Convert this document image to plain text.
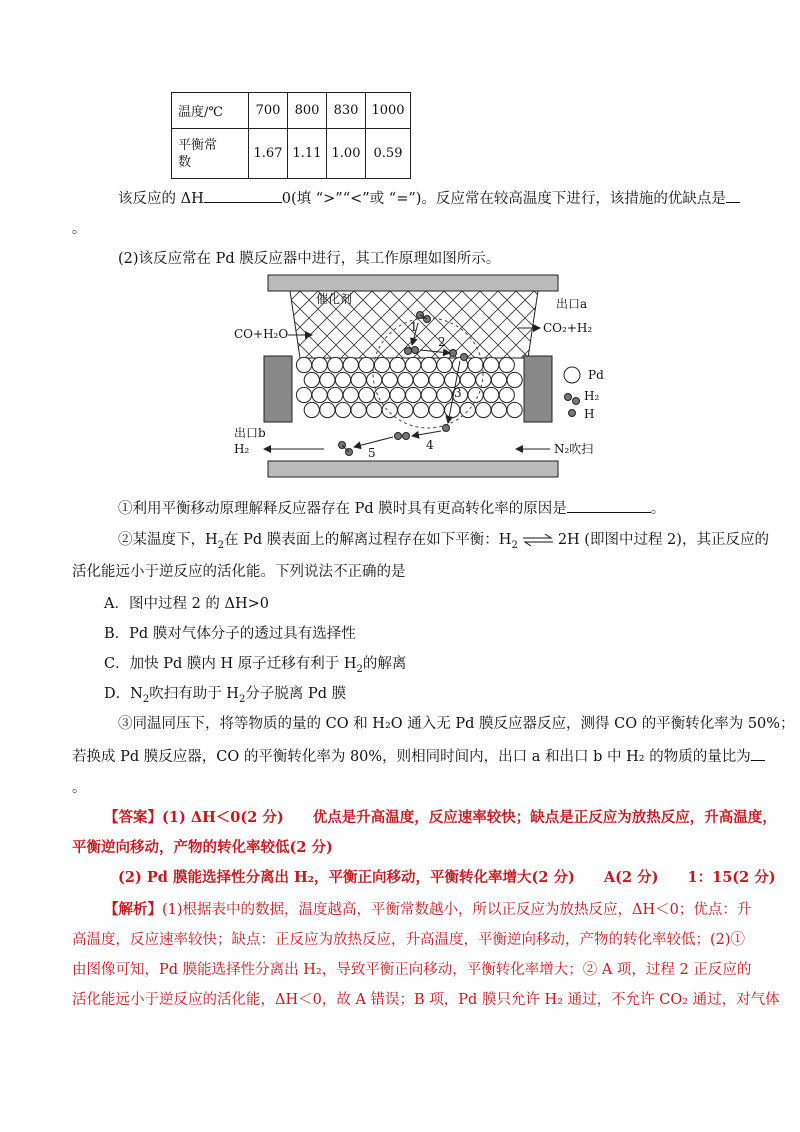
温度/℃	700	800	830	1000
平衡常
数	1.67	1.11	1.00	0.59
该反应的 ΔH	0(填 “>”“<”或 “=”)。反应常在较高温度下进行，该措施的优缺点是
。
(2)该反应常在 Pd 膜反应器中进行，其工作原理如图所示。
催化剂	出口a
CO+H₂O	CO₂+H₂
Pd
H₂
H
出口b
H₂	N₂吹扫
1
2
3
4
5
①利用平衡移动原理解释反应器存在 Pd 膜时具有更高转化率的原因是	。
②某温度下，$H_2$在 Pd 膜表面上的解离过程存在如下平衡：$H_2$ ⇌ 2H (即图中过程 2)，其正反应的
活化能远小于逆反应的活化能。下列说法不正确的是
A．图中过程 2 的 ΔH>0
B．Pd 膜对气体分子的透过具有选择性
C．加快 Pd 膜内 H 原子迁移有利于 $H_2$的解离
D．$N_2$吹扫有助于 $H_2$分子脱离 Pd 膜
③同温同压下，将等物质的量的 CO 和 H₂O 通入无 Pd 膜反应器反应，测得 CO 的平衡转化率为 50%；
若换成 Pd 膜反应器，CO 的平衡转化率为 80%，则相同时间内，出口 a 和出口 b 中 H₂ 的物质的量比为
。
【答案】(1) ΔH＜0(2 分)　　优点是升高温度，反应速率较快；缺点是正反应为放热反应，升高温度，
平衡逆向移动，产物的转化率较低(2 分)
(2) Pd 膜能选择性分离出 H₂，平衡正向移动，平衡转化率增大(2 分)　　A(2 分)　　1：15(2 分)
【解析】(1)根据表中的数据，温度越高，平衡常数越小，所以正反应为放热反应，ΔH＜0；优点：升
高温度，反应速率较快；缺点：正反应为放热反应，升高温度，平衡逆向移动，产物的转化率较低；(2)①
由图像可知，Pd 膜能选择性分离出 H₂，导致平衡正向移动，平衡转化率增大；② A 项，过程 2 正反应的
活化能远小于逆反应的活化能，ΔH＜0，故 A 错误；B 项，Pd 膜只允许 H₂ 通过，不允许 CO₂ 通过，对气体
